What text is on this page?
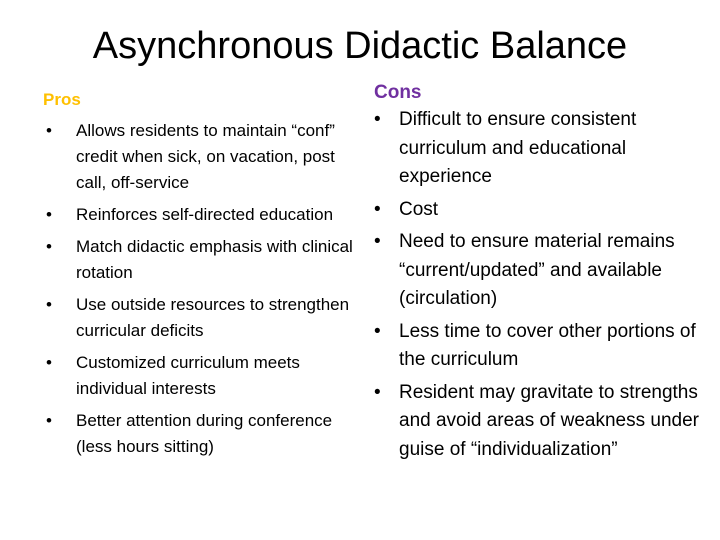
Asynchronous Didactic Balance
Pros
• Allows residents to maintain “conf” credit when sick, on vacation, post call, off-service
• Reinforces self-directed education
• Match didactic emphasis with clinical rotation
• Use outside resources to strengthen curricular deficits
• Customized curriculum meets individual interests
• Better attention during conference (less hours sitting)
Cons
• Difficult to ensure consistent curriculum and educational experience
• Cost
• Need to ensure material remains “current/updated” and available (circulation)
• Less time to cover other portions of the curriculum
• Resident may gravitate to strengths and avoid areas of weakness under guise of “individualization”
